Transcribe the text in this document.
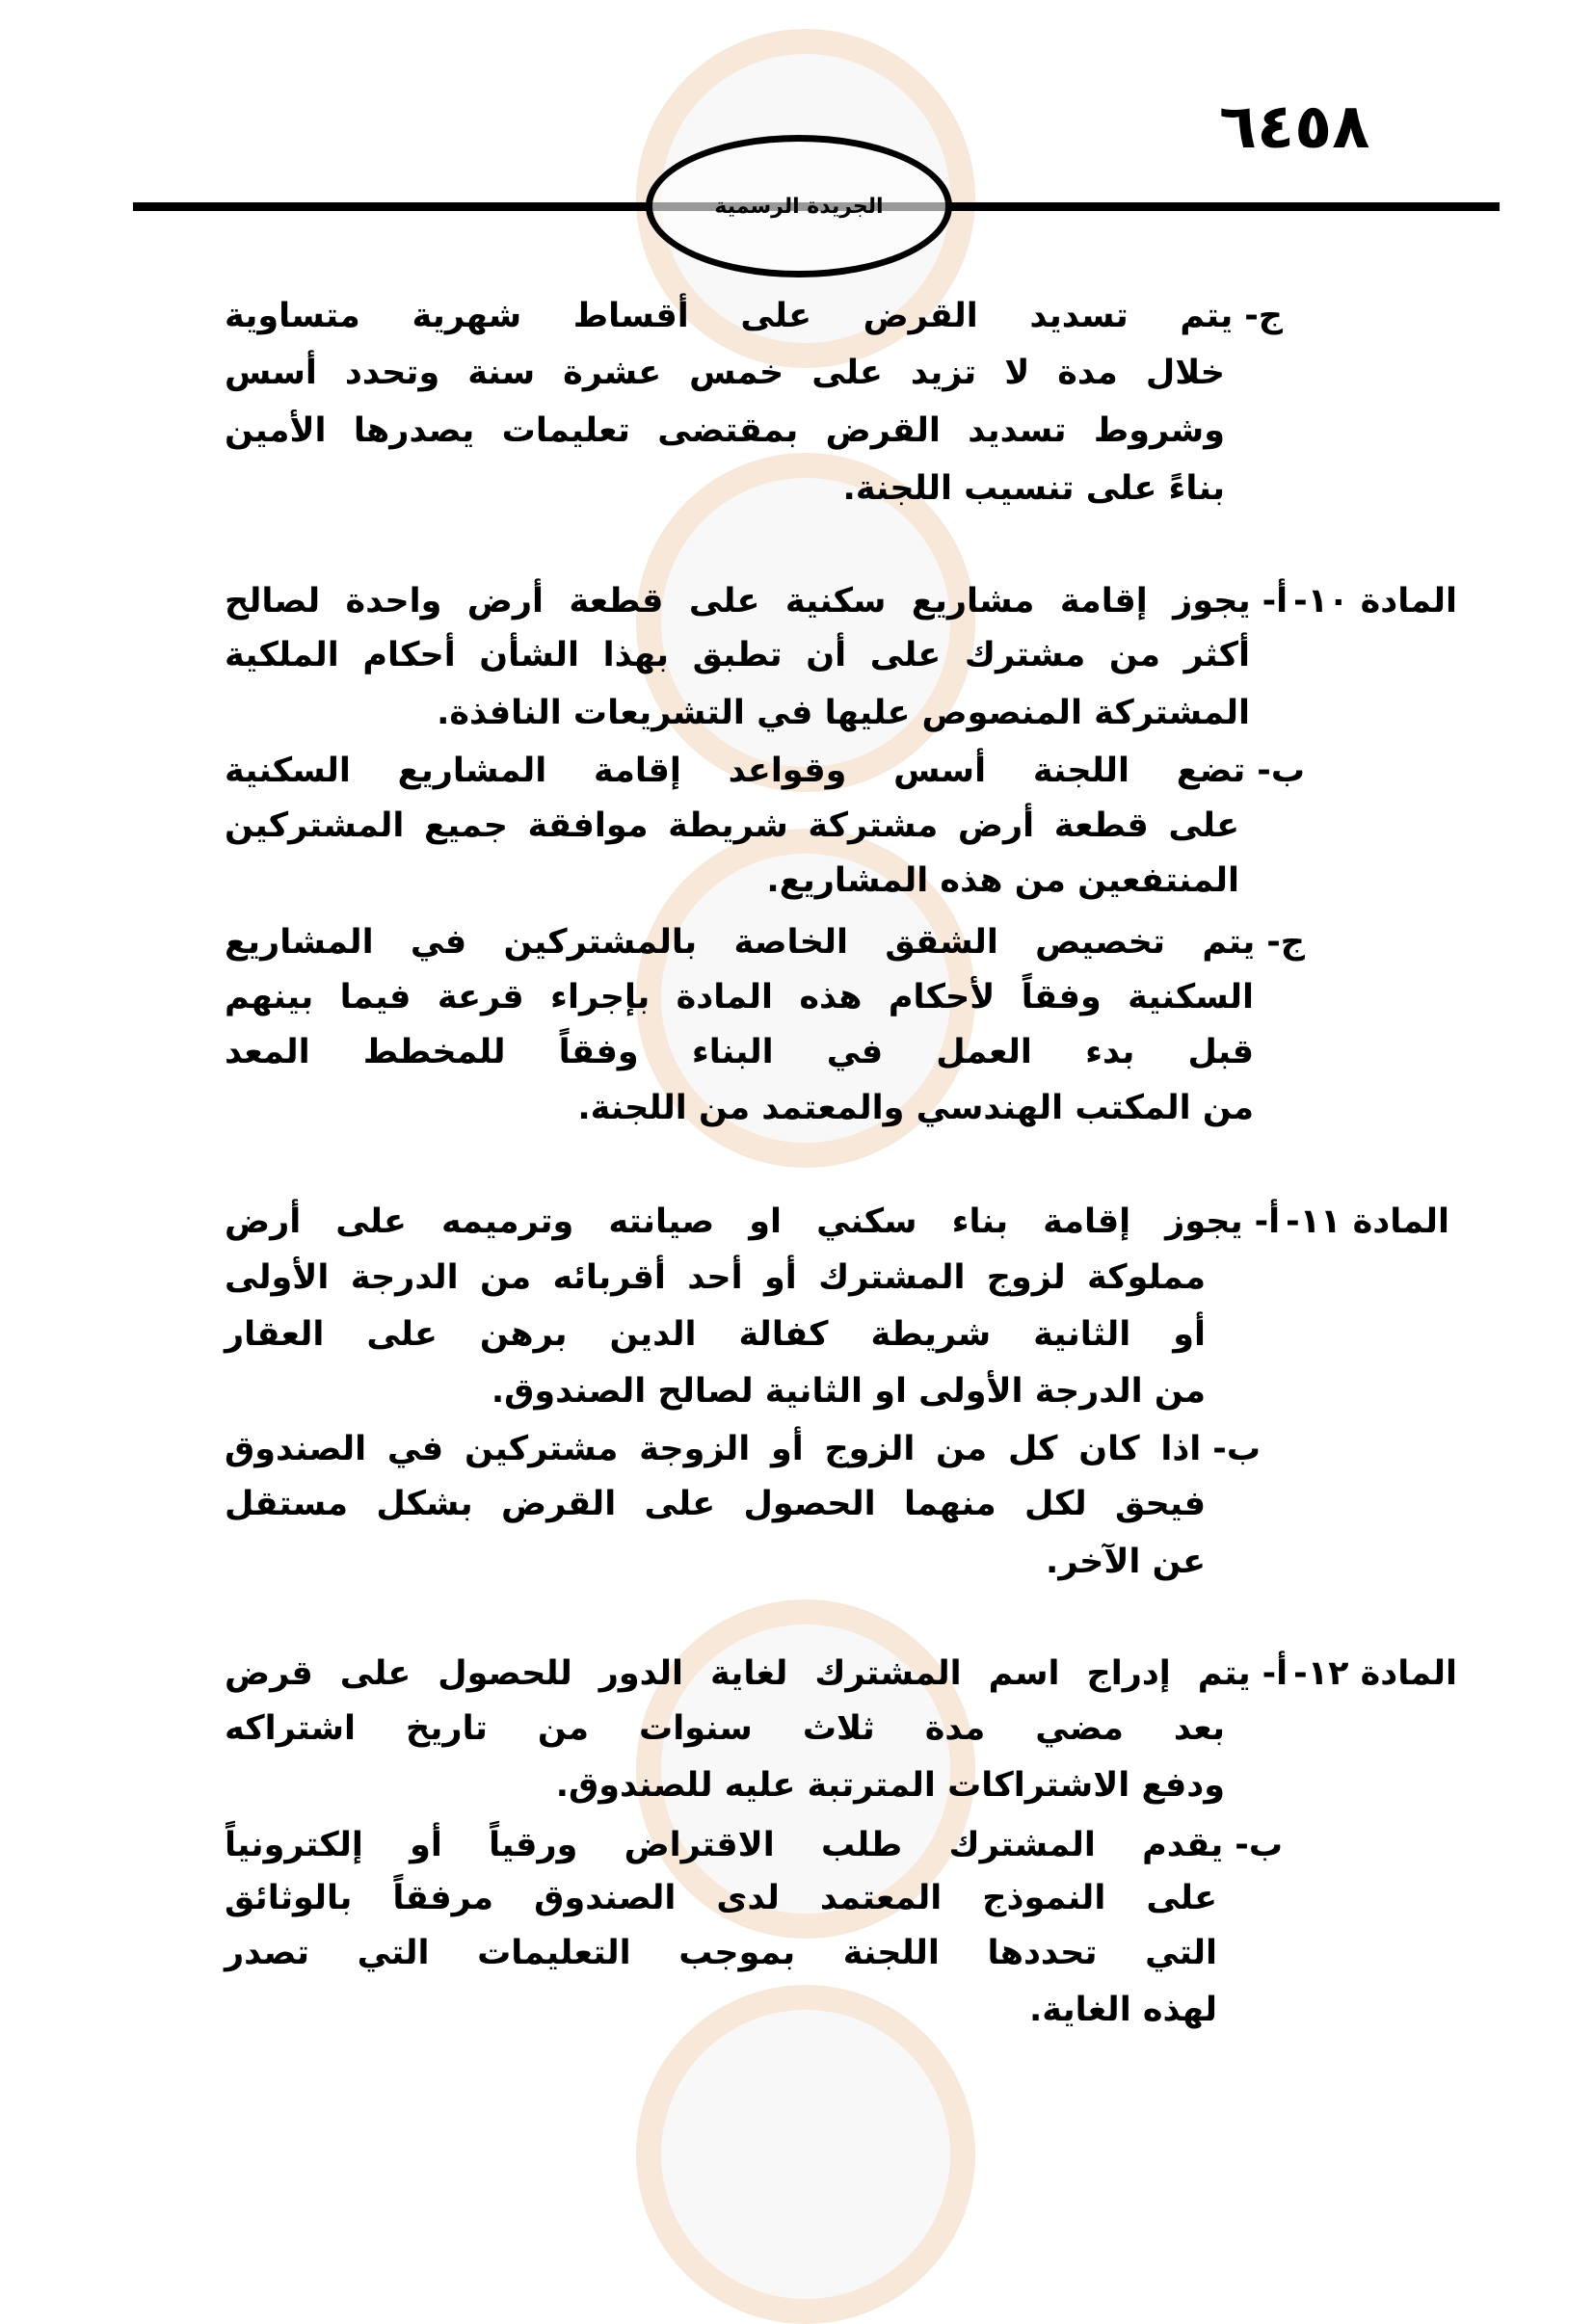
٦٤٥٨
الجريدة الرسمية
ج-
يتم تسديد القرض على أقساط شهرية متساوية
خلال مدة لا تزيد على خمس عشرة سنة وتحدد أسس
وشروط تسديد القرض بمقتضى تعليمات يصدرها الأمين
بناءً على تنسيب اللجنة.
المادة ١٠-
أ-
يجوز إقامة مشاريع سكنية على قطعة أرض واحدة لصالح
أكثر من مشترك على أن تطبق بهذا الشأن أحكام الملكية
المشتركة المنصوص عليها في التشريعات النافذة.
ب-
تضع اللجنة أسس وقواعد إقامة المشاريع السكنية
على قطعة أرض مشتركة شريطة موافقة جميع المشتركين
المنتفعين من هذه المشاريع.
ج-
يتم تخصيص الشقق الخاصة بالمشتركين في المشاريع
السكنية وفقاً لأحكام هذه المادة بإجراء قرعة فيما بينهم
قبل بدء العمل في البناء وفقاً للمخطط المعد
من المكتب الهندسي والمعتمد من اللجنة.
المادة ١١-
أ-
يجوز إقامة بناء سكني او صيانته وترميمه على أرض
مملوكة لزوج المشترك أو أحد أقربائه من الدرجة الأولى
أو الثانية شريطة كفالة الدين برهن على العقار
من الدرجة الأولى او الثانية لصالح الصندوق.
ب-
اذا كان كل من الزوج أو الزوجة مشتركين في الصندوق
فيحق لكل منهما الحصول على القرض بشكل مستقل
عن الآخر.
المادة ١٢-
أ-
يتم إدراج اسم المشترك لغاية الدور للحصول على قرض
بعد مضي مدة ثلاث سنوات من تاريخ اشتراكه
ودفع الاشتراكات المترتبة عليه للصندوق.
ب-
يقدم المشترك طلب الاقتراض ورقياً أو إلكترونياً
على النموذج المعتمد لدى الصندوق مرفقاً بالوثائق
التي تحددها اللجنة بموجب التعليمات التي تصدر
لهذه الغاية.
